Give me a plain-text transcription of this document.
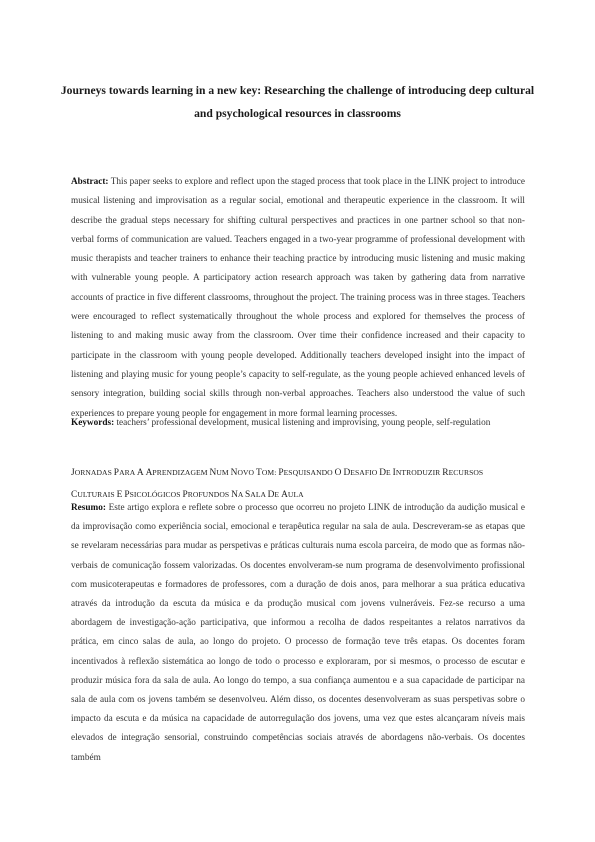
Journeys towards learning in a new key: Researching the challenge of introducing deep cultural and psychological resources in classrooms

Abstract: This paper seeks to explore and reflect upon the staged process that took place in the LINK project to introduce musical listening and improvisation as a regular social, emotional and therapeutic experience in the classroom. It will describe the gradual steps necessary for shifting cultural perspectives and practices in one partner school so that non-verbal forms of communication are valued. Teachers engaged in a two-year programme of professional development with music therapists and teacher trainers to enhance their teaching practice by introducing music listening and music making with vulnerable young people. A participatory action research approach was taken by gathering data from narrative accounts of practice in five different classrooms, throughout the project. The training process was in three stages. Teachers were encouraged to reflect systematically throughout the whole process and explored for themselves the process of listening to and making music away from the classroom. Over time their confidence increased and their capacity to participate in the classroom with young people developed. Additionally teachers developed insight into the impact of listening and playing music for young people’s capacity to self-regulate, as the young people achieved enhanced levels of sensory integration, building social skills through non-verbal approaches. Teachers also understood the value of such experiences to prepare young people for engagement in more formal learning processes.

Keywords: teachers’ professional development, musical listening and improvising, young people, self-regulation

JORNADAS PARA A APRENDIZAGEM NUM NOVO TOM: PESQUISANDO O DESAFIO DE INTRODUZIR RECURSOS CULTURAIS E PSICOLÓGICOS PROFUNDOS NA SALA DE AULA

Resumo: Este artigo explora e reflete sobre o processo que ocorreu no projeto LINK de introdução da audição musical e da improvisação como experiência social, emocional e terapêutica regular na sala de aula. Descreveram-se as etapas que se revelaram necessárias para mudar as perspetivas e práticas culturais numa escola parceira, de modo que as formas não-verbais de comunicação fossem valorizadas. Os docentes envolveram-se num programa de desenvolvimento profissional com musicoterapeutas e formadores de professores, com a duração de dois anos, para melhorar a sua prática educativa através da introdução da escuta da música e da produção musical com jovens vulneráveis. Fez-se recurso a uma abordagem de investigação-ação participativa, que informou a recolha de dados respeitantes a relatos narrativos da prática, em cinco salas de aula, ao longo do projeto. O processo de formação teve três etapas. Os docentes foram incentivados à reflexão sistemática ao longo de todo o processo e exploraram, por si mesmos, o processo de escutar e produzir música fora da sala de aula. Ao longo do tempo, a sua confiança aumentou e a sua capacidade de participar na sala de aula com os jovens também se desenvolveu. Além disso, os docentes desenvolveram as suas perspetivas sobre o impacto da escuta e da música na capacidade de autorregulação dos jovens, uma vez que estes alcançaram níveis mais elevados de integração sensorial, construindo competências sociais através de abordagens não-verbais. Os docentes também
